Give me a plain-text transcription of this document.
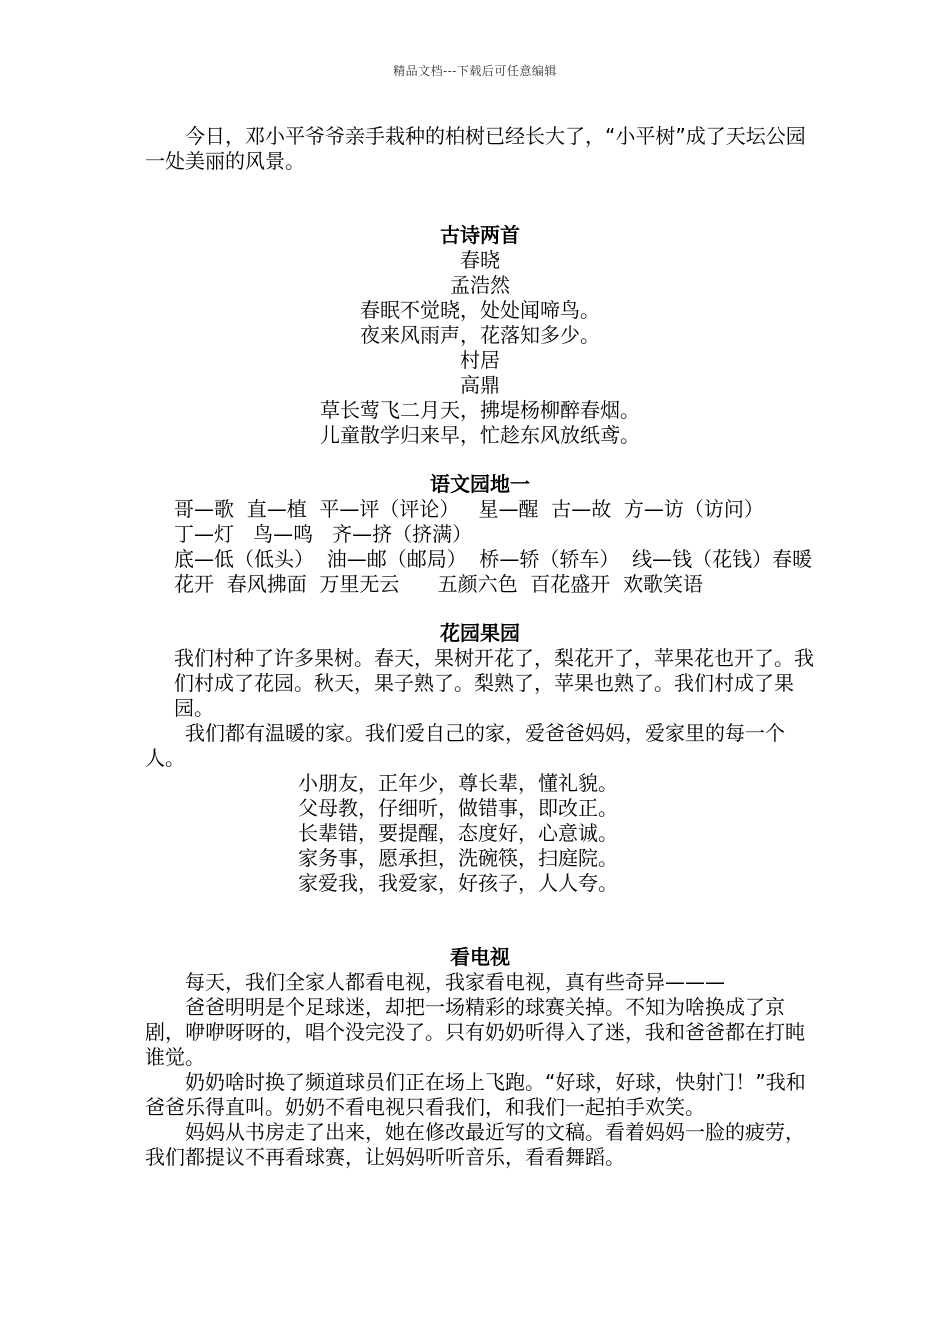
精品文档---下载后可任意编辑

今日，邓小平爷爷亲手栽种的柏树已经长大了，“小平树”成了天坛公园一处美丽的风景。

古诗两首

春晓

孟浩然

春眠不觉晓，处处闻啼鸟。

夜来风雨声，花落知多少。

村居

高鼎

草长莺飞二月天，拂堤杨柳醉春烟。

儿童散学归来早，忙趁东风放纸鸢。

语文园地一

哥—歌  直—植  平—评（评论）   星—醒  古—故  方—访（访问）

丁—灯   鸟—鸣   齐—挤（挤满）

底—低（低头）  油—邮（邮局）  桥—轿（轿车）  线—钱（花钱）春暖花开  春风拂面  万里无云      五颜六色  百花盛开  欢歌笑语

花园果园

我们村种了许多果树。春天，果树开花了，梨花开了，苹果花也开了。我们村成了花园。秋天，果子熟了。梨熟了，苹果也熟了。我们村成了果园。

我们都有温暖的家。我们爱自己的家，爱爸爸妈妈，爱家里的每一个人。

小朋友，正年少，尊长辈，懂礼貌。

父母教，仔细听，做错事，即改正。

长辈错，要提醒，态度好，心意诚。

家务事，愿承担，洗碗筷，扫庭院。

家爱我，我爱家，好孩子，人人夸。

看电视

每天，我们全家人都看电视，我家看电视，真有些奇异———

爸爸明明是个足球迷，却把一场精彩的球赛关掉。不知为啥换成了京剧，咿咿呀呀的，唱个没完没了。只有奶奶听得入了迷，我和爸爸都在打盹谁觉。

奶奶啥时换了频道球员们正在场上飞跑。“好球，好球，快射门！”我和爸爸乐得直叫。奶奶不看电视只看我们，和我们一起拍手欢笑。

妈妈从书房走了出来，她在修改最近写的文稿。看着妈妈一脸的疲劳，我们都提议不再看球赛，让妈妈听听音乐，看看舞蹈。
